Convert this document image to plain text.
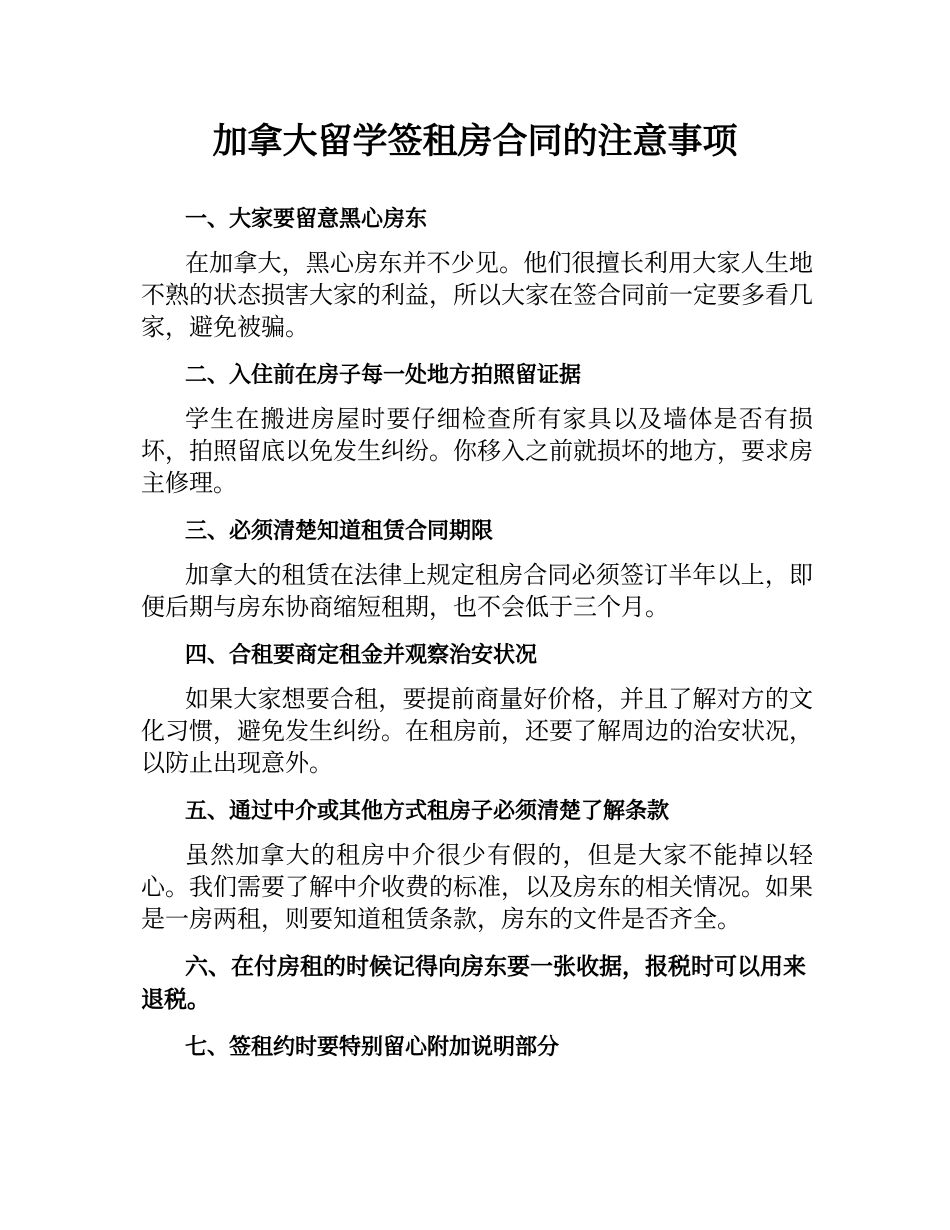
加拿大留学签租房合同的注意事项

一、大家要留意黑心房东

在加拿大，黑心房东并不少见。他们很擅长利用大家人生地不熟的状态损害大家的利益，所以大家在签合同前一定要多看几家，避免被骗。

二、入住前在房子每一处地方拍照留证据

学生在搬进房屋时要仔细检查所有家具以及墙体是否有损坏，拍照留底以免发生纠纷。你移入之前就损坏的地方，要求房主修理。

三、必须清楚知道租赁合同期限

加拿大的租赁在法律上规定租房合同必须签订半年以上，即便后期与房东协商缩短租期，也不会低于三个月。

四、合租要商定租金并观察治安状况

如果大家想要合租，要提前商量好价格，并且了解对方的文化习惯，避免发生纠纷。在租房前，还要了解周边的治安状况，以防止出现意外。

五、通过中介或其他方式租房子必须清楚了解条款

虽然加拿大的租房中介很少有假的，但是大家不能掉以轻心。我们需要了解中介收费的标准，以及房东的相关情况。如果是一房两租，则要知道租赁条款，房东的文件是否齐全。

六、在付房租的时候记得向房东要一张收据，报税时可以用来退税。

七、签租约时要特别留心附加说明部分
